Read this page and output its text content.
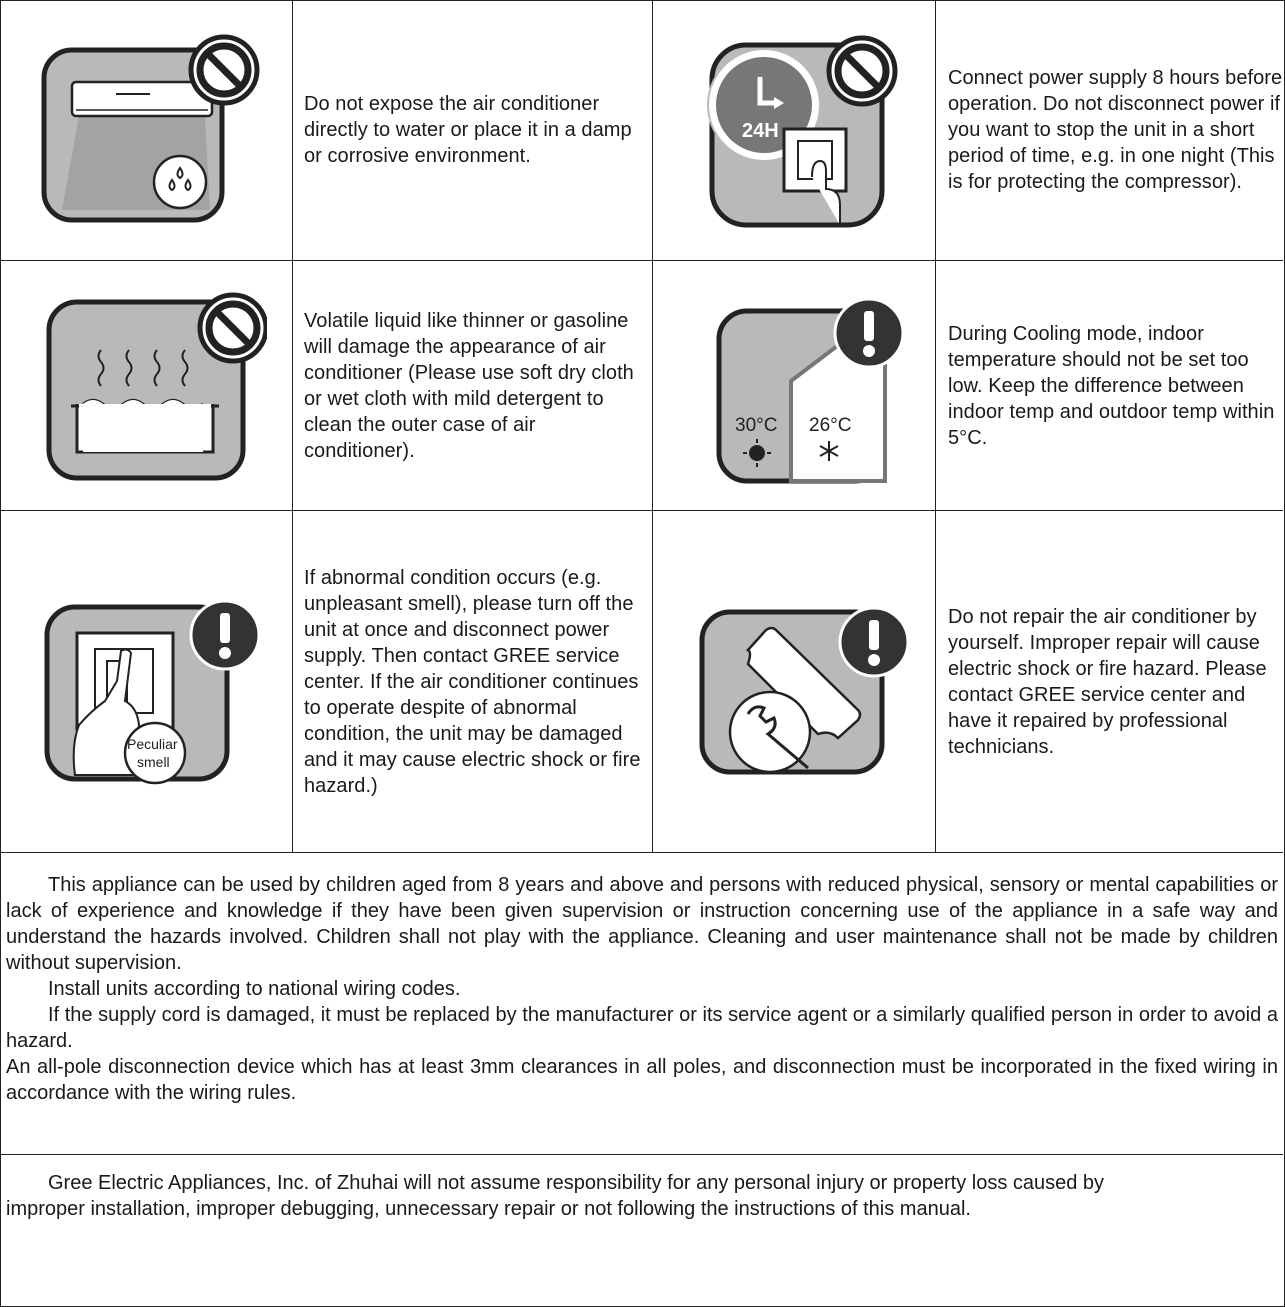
Do not expose the air conditioner directly to water or place it in a damp or corrosive environment.
24H
Connect power supply 8 hours before operation. Do not disconnect power if you want to stop the unit in a short period of time, e.g. in one night (This is for protecting the compressor).
Volatile liquid like thinner or gasoline will damage the appearance of air conditioner (Please use soft dry cloth or wet cloth with mild detergent to clean the outer case of air conditioner).
30°C 26°C
During Cooling mode, indoor temperature should not be set too low. Keep the difference between indoor temp and outdoor temp within 5°C.
Peculiar
smell
If abnormal condition occurs (e.g. unpleasant smell), please turn off the unit at once and disconnect power supply. Then contact GREE service center. If the air conditioner continues to operate despite of abnormal condition, the unit may be damaged and it may cause electric shock or fire hazard.)
Do not repair the air conditioner by yourself. Improper repair will cause electric shock or fire hazard. Please contact GREE service center and have it repaired by professional technicians.

This appliance can be used by children aged from 8 years and above and persons with reduced physical, sensory or mental capabilities or lack of experience and knowledge if they have been given supervision or instruction concerning use of the appliance in a safe way and understand the hazards involved. Children shall not play with the appliance. Cleaning and user maintenance shall not be made by children without supervision.

Install units according to national wiring codes.

If the supply cord is damaged, it must be replaced by the manufacturer or its service agent or a similarly qualified person in order to avoid a hazard.

An all-pole disconnection device which has at least 3mm clearances in all poles, and disconnection must be incorporated in the fixed wiring in accordance with the wiring rules.

Gree Electric Appliances, Inc. of Zhuhai will not assume responsibility for any personal injury or property loss caused by improper installation, improper debugging, unnecessary repair or not following the instructions of this manual.
